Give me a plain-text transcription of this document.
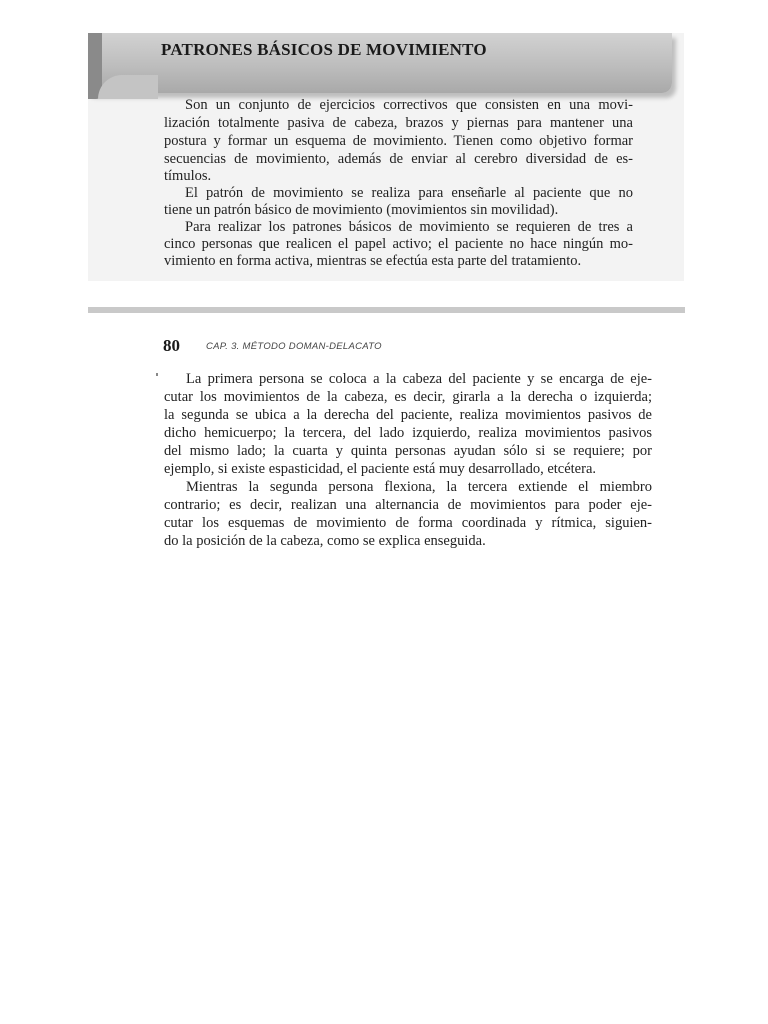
PATRONES BÁSICOS DE MOVIMIENTO

Son un conjunto de ejercicios correctivos que consisten en una movi-

lización totalmente pasiva de cabeza, brazos y piernas para mantener una

postura y formar un esquema de movimiento. Tienen como objetivo formar

secuencias de movimiento, además de enviar al cerebro diversidad de es-

tímulos.

El patrón de movimiento se realiza para enseñarle al paciente que no

tiene un patrón básico de movimiento (movimientos sin movilidad).

Para realizar los patrones básicos de movimiento se requieren de tres a

cinco personas que realicen el papel activo; el paciente no hace ningún mo-

vimiento en forma activa, mientras se efectúa esta parte del tratamiento.

80	CAP. 3. MÉTODO DOMAN-DELACATO

La primera persona se coloca a la cabeza del paciente y se encarga de eje-

cutar los movimientos de la cabeza, es decir, girarla a la derecha o izquierda;

la segunda se ubica a la derecha del paciente, realiza movimientos pasivos de

dicho hemicuerpo; la tercera, del lado izquierdo, realiza movimientos pasivos

del mismo lado; la cuarta y quinta personas ayudan sólo si se requiere; por

ejemplo, si existe espasticidad, el paciente está muy desarrollado, etcétera.

Mientras la segunda persona flexiona, la tercera extiende el miembro

contrario; es decir, realizan una alternancia de movimientos para poder eje-

cutar los esquemas de movimiento de forma coordinada y rítmica, siguien-

do la posición de la cabeza, como se explica enseguida.
